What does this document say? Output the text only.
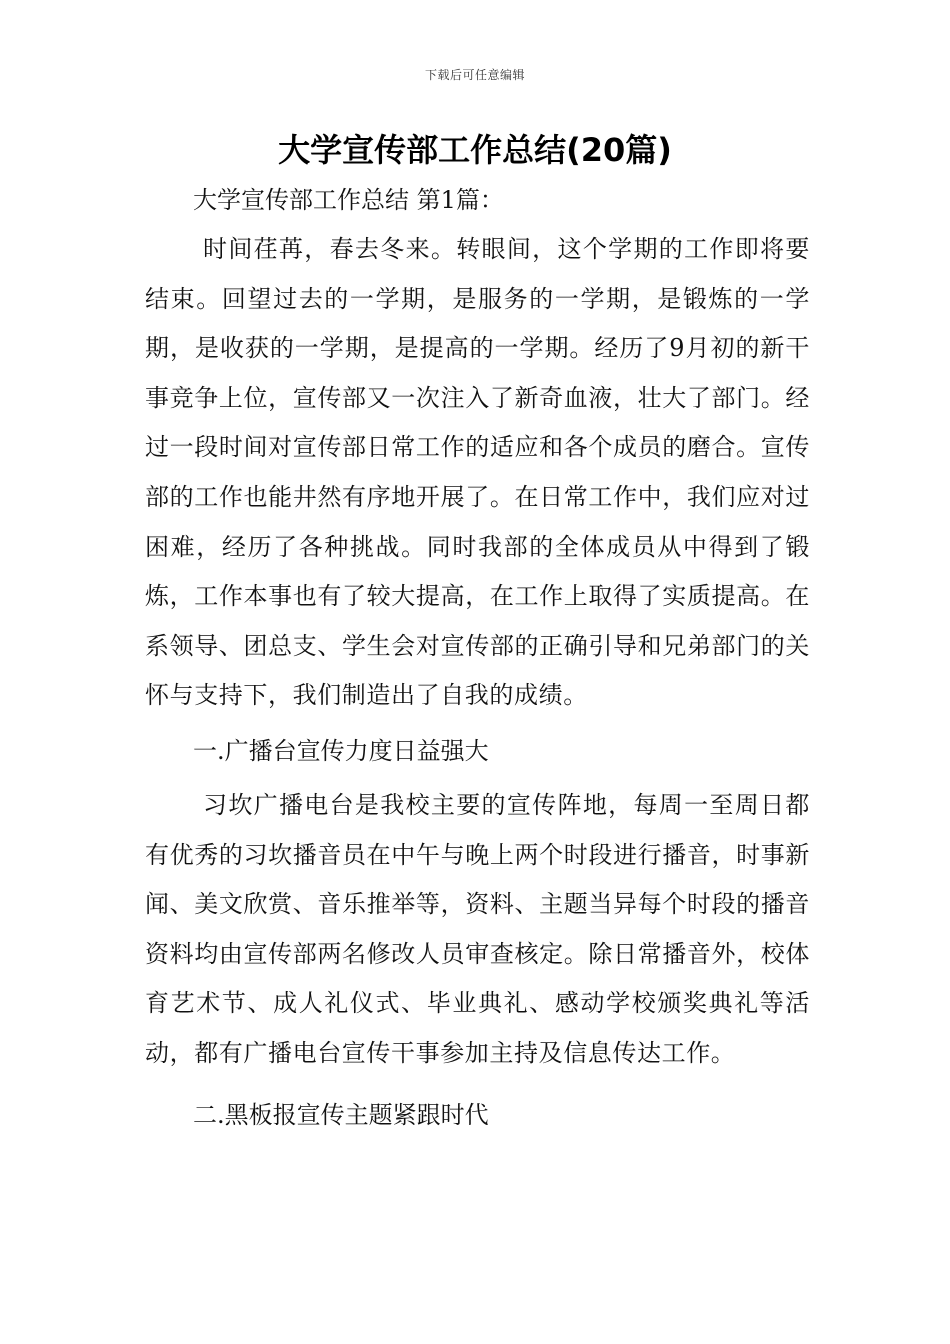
下载后可任意编辑
大学宣传部工作总结(20篇)

大学宣传部工作总结 第1篇：

时间荏苒，春去冬来。转眼间，这个学期的工作即将要结束。回望过去的一学期，是服务的一学期，是锻炼的一学期，是收获的一学期，是提高的一学期。经历了9月初的新干事竞争上位，宣传部又一次注入了新奇血液，壮大了部门。经过一段时间对宣传部日常工作的适应和各个成员的磨合。宣传部的工作也能井然有序地开展了。在日常工作中，我们应对过困难，经历了各种挑战。同时我部的全体成员从中得到了锻炼，工作本事也有了较大提高，在工作上取得了实质提高。在系领导、团总支、学生会对宣传部的正确引导和兄弟部门的关怀与支持下，我们制造出了自我的成绩。

一.广播台宣传力度日益强大

习坎广播电台是我校主要的宣传阵地，每周一至周日都有优秀的习坎播音员在中午与晚上两个时段进行播音，时事新闻、美文欣赏、音乐推举等，资料、主题当异每个时段的播音资料均由宣传部两名修改人员审查核定。除日常播音外，校体育艺术节、成人礼仪式、毕业典礼、感动学校颁奖典礼等活动，都有广播电台宣传干事参加主持及信息传达工作。

二.黑板报宣传主题紧跟时代
